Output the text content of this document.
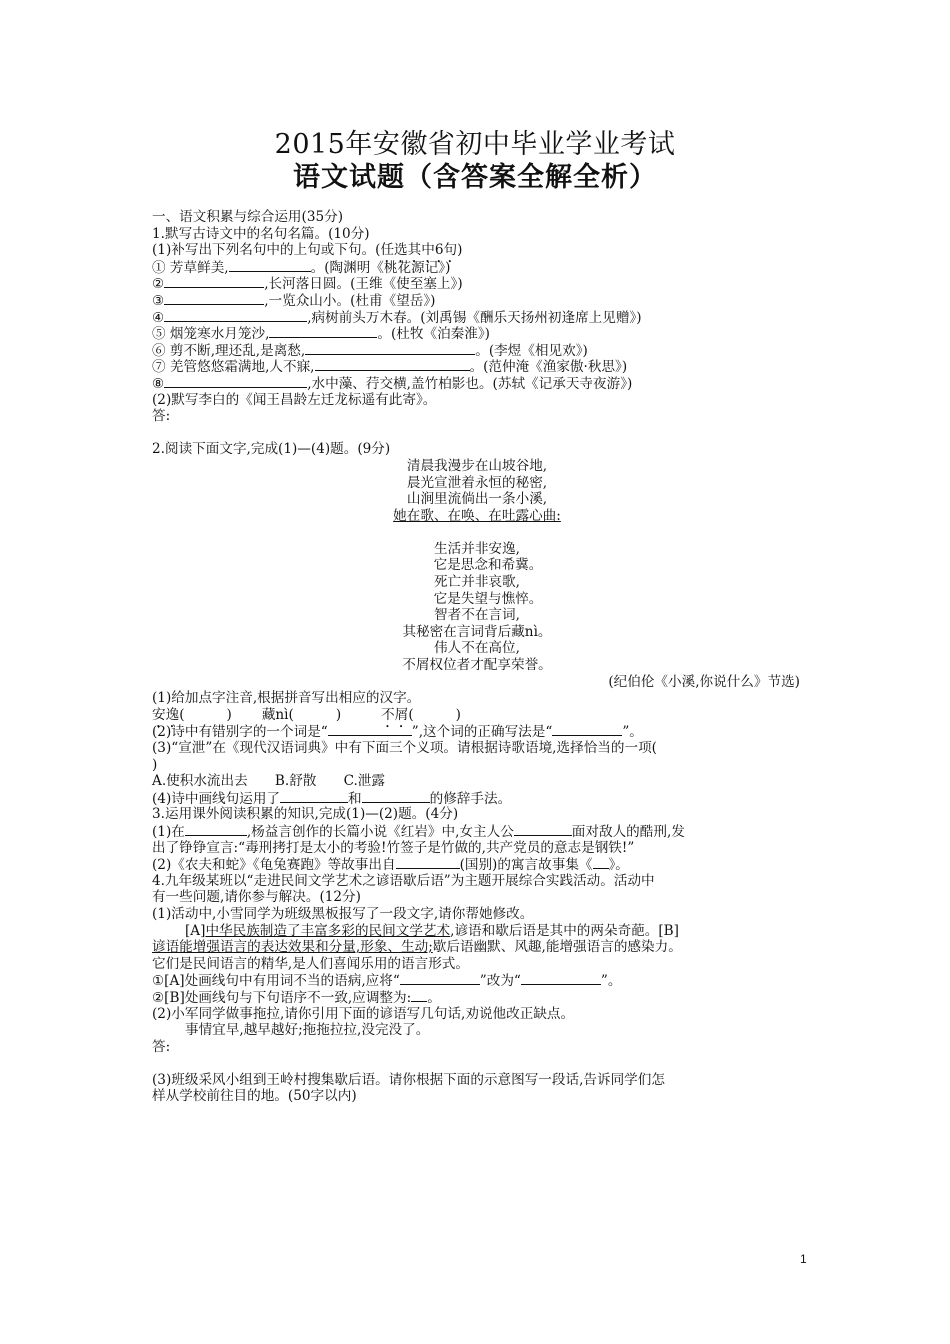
2015年安徽省初中毕业学业考试
语文试题（含答案全解全析）
一、语文积累与综合运用(35分)
1.默写古诗文中的名句名篇。(10分)
(1)补写出下列名句中的上句或下句。(任选其中6句)
① 芳草鲜美,	。(陶渊明《桃花源记》)
②	,长河落日圆。(王维《使至塞上》)
③	,一览众山小。(杜甫《望岳》)
④	,病树前头万木春。(刘禹锡《酬乐天扬州初逢席上见赠》)
⑤ 烟笼寒水月笼沙,	。(杜牧《泊秦淮》)
⑥ 剪不断,理还乱,是离愁,	。(李煜《相见欢》)
⑦ 羌管悠悠霜满地,人不寐,	。(范仲淹《渔家傲·秋思》)
⑧	,水中藻、荇交横,盖竹柏影也。(苏轼《记承天寺夜游》)
(2)默写李白的《闻王昌龄左迁龙标遥有此寄》。
答:
2.阅读下面文字,完成(1)—(4)题。(9分)
清晨我漫步在山坡谷地,
晨光宣泄着永恒的秘密,
山涧里流倘出一条小溪,
她在歌、在唤、在吐露心曲:
生活并非安逸,
它是思念和希冀。
死亡并非哀歌,
它是失望与憔悴。
智者不在言词,
其秘密在言词背后藏nì。
伟人不在高位,
不屑权位者才配享荣誉。
(纪伯伦《小溪,你说什么》节选)
(1)给加点字注音,根据拼音写出相应的汉字。
安逸(	) 藏nì(	)	不屑(	)
(2)诗中有错别字的一个词是“	”,这个词的正确写法是“	”。
(3)“宣泄”在《现代汉语词典》中有下面三个义项。请根据诗歌语境,选择恰当的一项(
)
A.使积水流出去　　B.舒散　　C.泄露
(4)诗中画线句运用了	和	的修辞手法。
3.运用课外阅读积累的知识,完成(1)—(2)题。(4分)
(1)在	,杨益言创作的长篇小说《红岩》中,女主人公	面对敌人的酷刑,发
出了铮铮宣言:“毒刑拷打是太小的考验!竹签子是竹做的,共产党员的意志是钢铁!”
(2)《农夫和蛇》《龟兔赛跑》等故事出自	(国别)的寓言故事集《 》。
4.九年级某班以“走进民间文学艺术之谚语歇后语”为主题开展综合实践活动。活动中
有一些问题,请你参与解决。(12分)
(1)活动中,小雪同学为班级黑板报写了一段文字,请你帮她修改。
[A]中华民族制造了丰富多彩的民间文学艺术,谚语和歇后语是其中的两朵奇葩。[B]
谚语能增强语言的表达效果和分量,形象、生动;歇后语幽默、风趣,能增强语言的感染力。
它们是民间语言的精华,是人们喜闻乐用的语言形式。
①[A]处画线句中有用词不当的语病,应将“	”改为“	”。
②[B]处画线句与下句语序不一致,应调整为: 。
(2)小军同学做事拖拉,请你引用下面的谚语写几句话,劝说他改正缺点。
事情宜早,越早越好;拖拖拉拉,没完没了。
答:
(3)班级采风小组到王岭村搜集歇后语。请你根据下面的示意图写一段话,告诉同学们怎
样从学校前往目的地。(50字以内)
1
